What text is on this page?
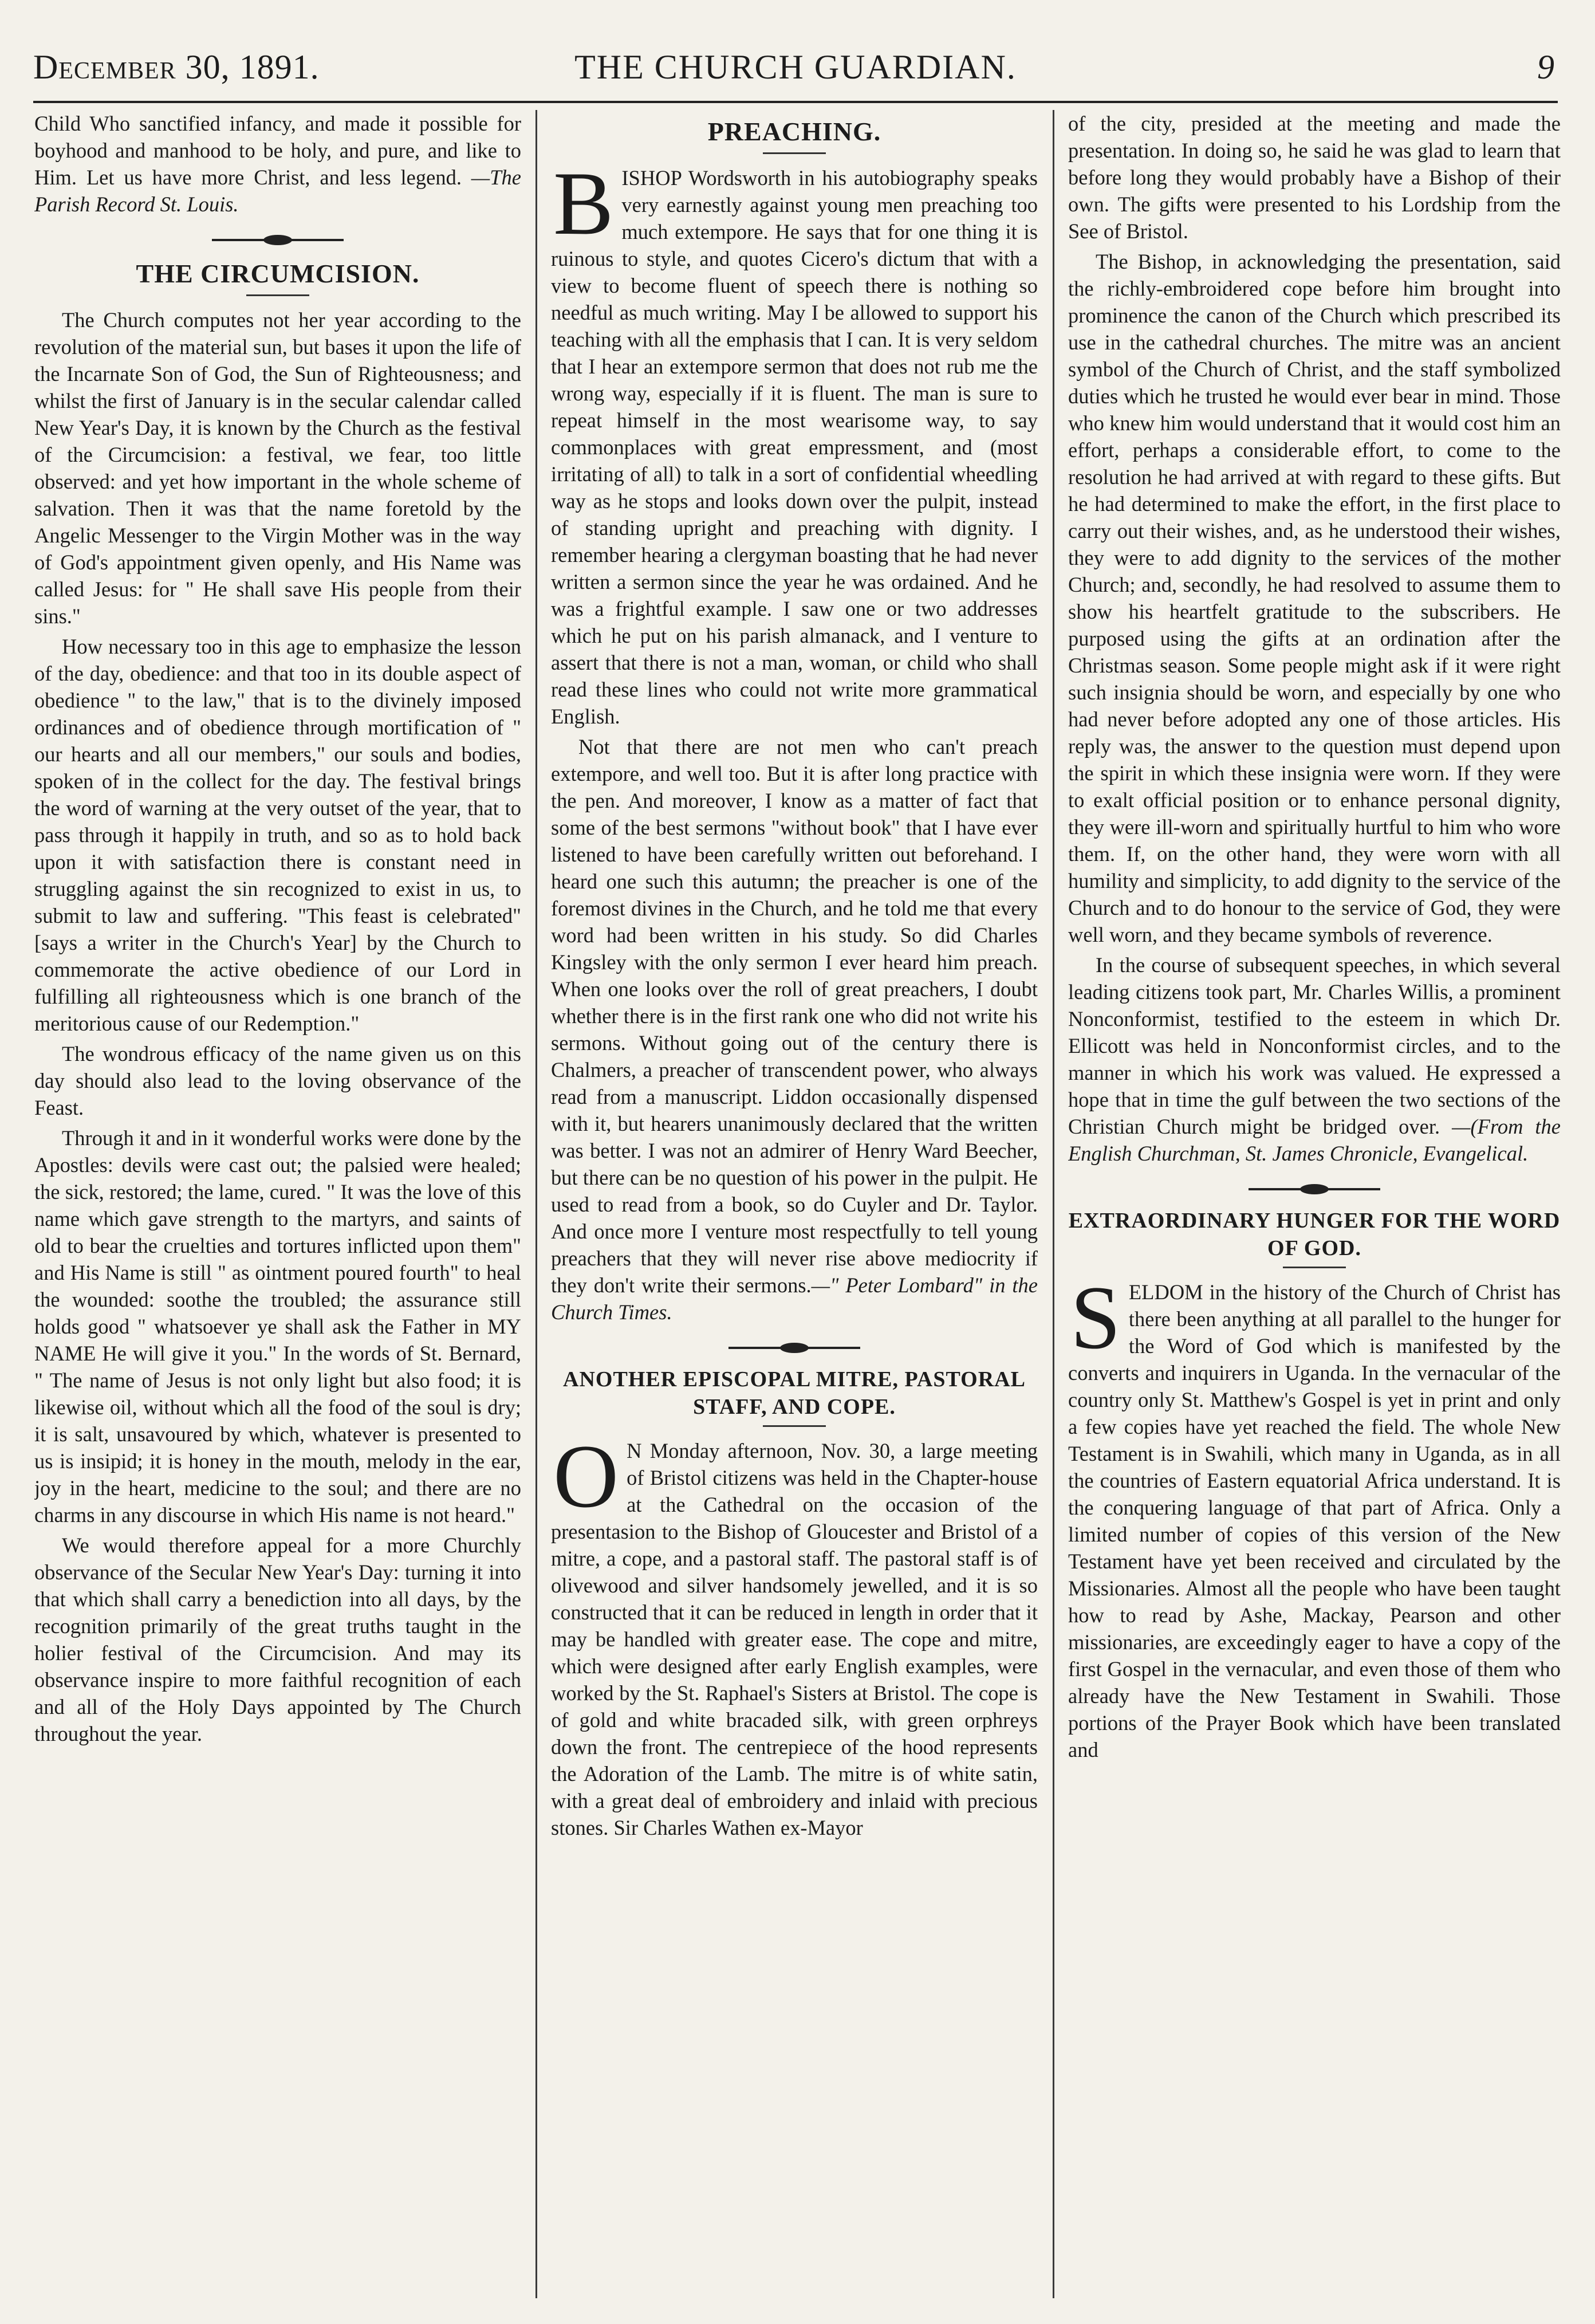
December 30, 1891.	THE CHURCH GUARDIAN.	9

Child Who sanctified infancy, and made it possible for boyhood and manhood to be holy, and pure, and like to Him. Let us have more Christ, and less legend. —The Parish Record St. Louis.

THE CIRCUMCISION.

The Church computes not her year according to the revolution of the material sun, but bases it upon the life of the Incarnate Son of God, the Sun of Righteousness; and whilst the first of January is in the secular calendar called New Year's Day, it is known by the Church as the festival of the Circumcision: a festival, we fear, too little observed: and yet how important in the whole scheme of salvation. Then it was that the name foretold by the Angelic Messenger to the Virgin Mother was in the way of God's appointment given openly, and His Name was called Jesus: for " He shall save His people from their sins."

How necessary too in this age to emphasize the lesson of the day, obedience: and that too in its double aspect of obedience " to the law," that is to the divinely imposed ordinances and of obedience through mortification of " our hearts and all our members," our souls and bodies, spoken of in the collect for the day. The festival brings the word of warning at the very outset of the year, that to pass through it happily in truth, and so as to hold back upon it with satisfaction there is constant need in struggling against the sin recognized to exist in us, to submit to law and suffering. "This feast is celebrated" [says a writer in the Church's Year] by the Church to commemorate the active obedience of our Lord in fulfilling all righteousness which is one branch of the meritorious cause of our Redemption."

The wondrous efficacy of the name given us on this day should also lead to the loving observance of the Feast.

Through it and in it wonderful works were done by the Apostles: devils were cast out; the palsied were healed; the sick, restored; the lame, cured. " It was the love of this name which gave strength to the martyrs, and saints of old to bear the cruelties and tortures inflicted upon them" and His Name is still " as ointment poured fourth" to heal the wounded: soothe the troubled; the assurance still holds good " whatsoever ye shall ask the Father in MY NAME He will give it you." In the words of St. Bernard, " The name of Jesus is not only light but also food; it is likewise oil, without which all the food of the soul is dry; it is salt, unsavoured by which, whatever is presented to us is insipid; it is honey in the mouth, melody in the ear, joy in the heart, medicine to the soul; and there are no charms in any discourse in which His name is not heard."

We would therefore appeal for a more Churchly observance of the Secular New Year's Day: turning it into that which shall carry a benediction into all days, by the recognition primarily of the great truths taught in the holier festival of the Circumcision. And may its observance inspire to more faithful recognition of each and all of the Holy Days appointed by The Church throughout the year.

PREACHING.

BISHOP Wordsworth in his autobiography speaks very earnestly against young men preaching too much extempore. He says that for one thing it is ruinous to style, and quotes Cicero's dictum that with a view to become fluent of speech there is nothing so needful as much writing. May I be allowed to support his teaching with all the emphasis that I can. It is very seldom that I hear an extempore sermon that does not rub me the wrong way, especially if it is fluent. The man is sure to repeat himself in the most wearisome way, to say commonplaces with great empressment, and (most irritating of all) to talk in a sort of confidential wheedling way as he stops and looks down over the pulpit, instead of standing upright and preaching with dignity. I remember hearing a clergyman boasting that he had never written a sermon since the year he was ordained. And he was a frightful example. I saw one or two addresses which he put on his parish almanack, and I venture to assert that there is not a man, woman, or child who shall read these lines who could not write more grammatical English.

Not that there are not men who can't preach extempore, and well too. But it is after long practice with the pen. And moreover, I know as a matter of fact that some of the best sermons "without book" that I have ever listened to have been carefully written out beforehand. I heard one such this autumn; the preacher is one of the foremost divines in the Church, and he told me that every word had been written in his study. So did Charles Kingsley with the only sermon I ever heard him preach. When one looks over the roll of great preachers, I doubt whether there is in the first rank one who did not write his sermons. Without going out of the century there is Chalmers, a preacher of transcendent power, who always read from a manuscript. Liddon occasionally dispensed with it, but hearers unanimously declared that the written was better. I was not an admirer of Henry Ward Beecher, but there can be no question of his power in the pulpit. He used to read from a book, so do Cuyler and Dr. Taylor. And once more I venture most respectfully to tell young preachers that they will never rise above mediocrity if they don't write their sermons.—" Peter Lombard" in the Church Times.

ANOTHER EPISCOPAL MITRE, PASTORAL STAFF, AND COPE.

O N Monday afternoon, Nov. 30, a large meeting of Bristol citizens was held in the Chapter-house at the Cathedral on the occasion of the presentasion to the Bishop of Gloucester and Bristol of a mitre, a cope, and a pastoral staff. The pastoral staff is of olivewood and silver handsomely jewelled, and it is so constructed that it can be reduced in length in order that it may be handled with greater ease. The cope and mitre, which were designed after early English examples, were worked by the St. Raphael's Sisters at Bristol. The cope is of gold and white bracaded silk, with green orphreys down the front. The centrepiece of the hood represents the Adoration of the Lamb. The mitre is of white satin, with a great deal of embroidery and inlaid with precious stones. Sir Charles Wathen ex-Mayor

of the city, presided at the meeting and made the presentation. In doing so, he said he was glad to learn that before long they would probably have a Bishop of their own. The gifts were presented to his Lordship from the See of Bristol.

The Bishop, in acknowledging the presentation, said the richly-embroidered cope before him brought into prominence the canon of the Church which prescribed its use in the cathedral churches. The mitre was an ancient symbol of the Church of Christ, and the staff symbolized duties which he trusted he would ever bear in mind. Those who knew him would understand that it would cost him an effort, perhaps a considerable effort, to come to the resolution he had arrived at with regard to these gifts. But he had determined to make the effort, in the first place to carry out their wishes, and, as he understood their wishes, they were to add dignity to the services of the mother Church; and, secondly, he had resolved to assume them to show his heartfelt gratitude to the subscribers. He purposed using the gifts at an ordination after the Christmas season. Some people might ask if it were right such insignia should be worn, and especially by one who had never before adopted any one of those articles. His reply was, the answer to the question must depend upon the spirit in which these insignia were worn. If they were to exalt official position or to enhance personal dignity, they were ill-worn and spiritually hurtful to him who wore them. If, on the other hand, they were worn with all humility and simplicity, to add dignity to the service of the Church and to do honour to the service of God, they were well worn, and they became symbols of reverence.

In the course of subsequent speeches, in which several leading citizens took part, Mr. Charles Willis, a prominent Nonconformist, testified to the esteem in which Dr. Ellicott was held in Nonconformist circles, and to the manner in which his work was valued. He expressed a hope that in time the gulf between the two sections of the Christian Church might be bridged over. —(From the English Churchman, St. James Chronicle, Evangelical.

EXTRAORDINARY HUNGER FOR THE WORD OF GOD.

SELDOM in the history of the Church of Christ has there been anything at all parallel to the hunger for the Word of God which is manifested by the converts and inquirers in Uganda. In the vernacular of the country only St. Matthew's Gospel is yet in print and only a few copies have yet reached the field. The whole New Testament is in Swahili, which many in Uganda, as in all the countries of Eastern equatorial Africa understand. It is the conquering language of that part of Africa. Only a limited number of copies of this version of the New Testament have yet been received and circulated by the Missionaries. Almost all the people who have been taught how to read by Ashe, Mackay, Pearson and other missionaries, are exceedingly eager to have a copy of the first Gospel in the vernacular, and even those of them who already have the New Testament in Swahili. Those portions of the Prayer Book which have been translated and
